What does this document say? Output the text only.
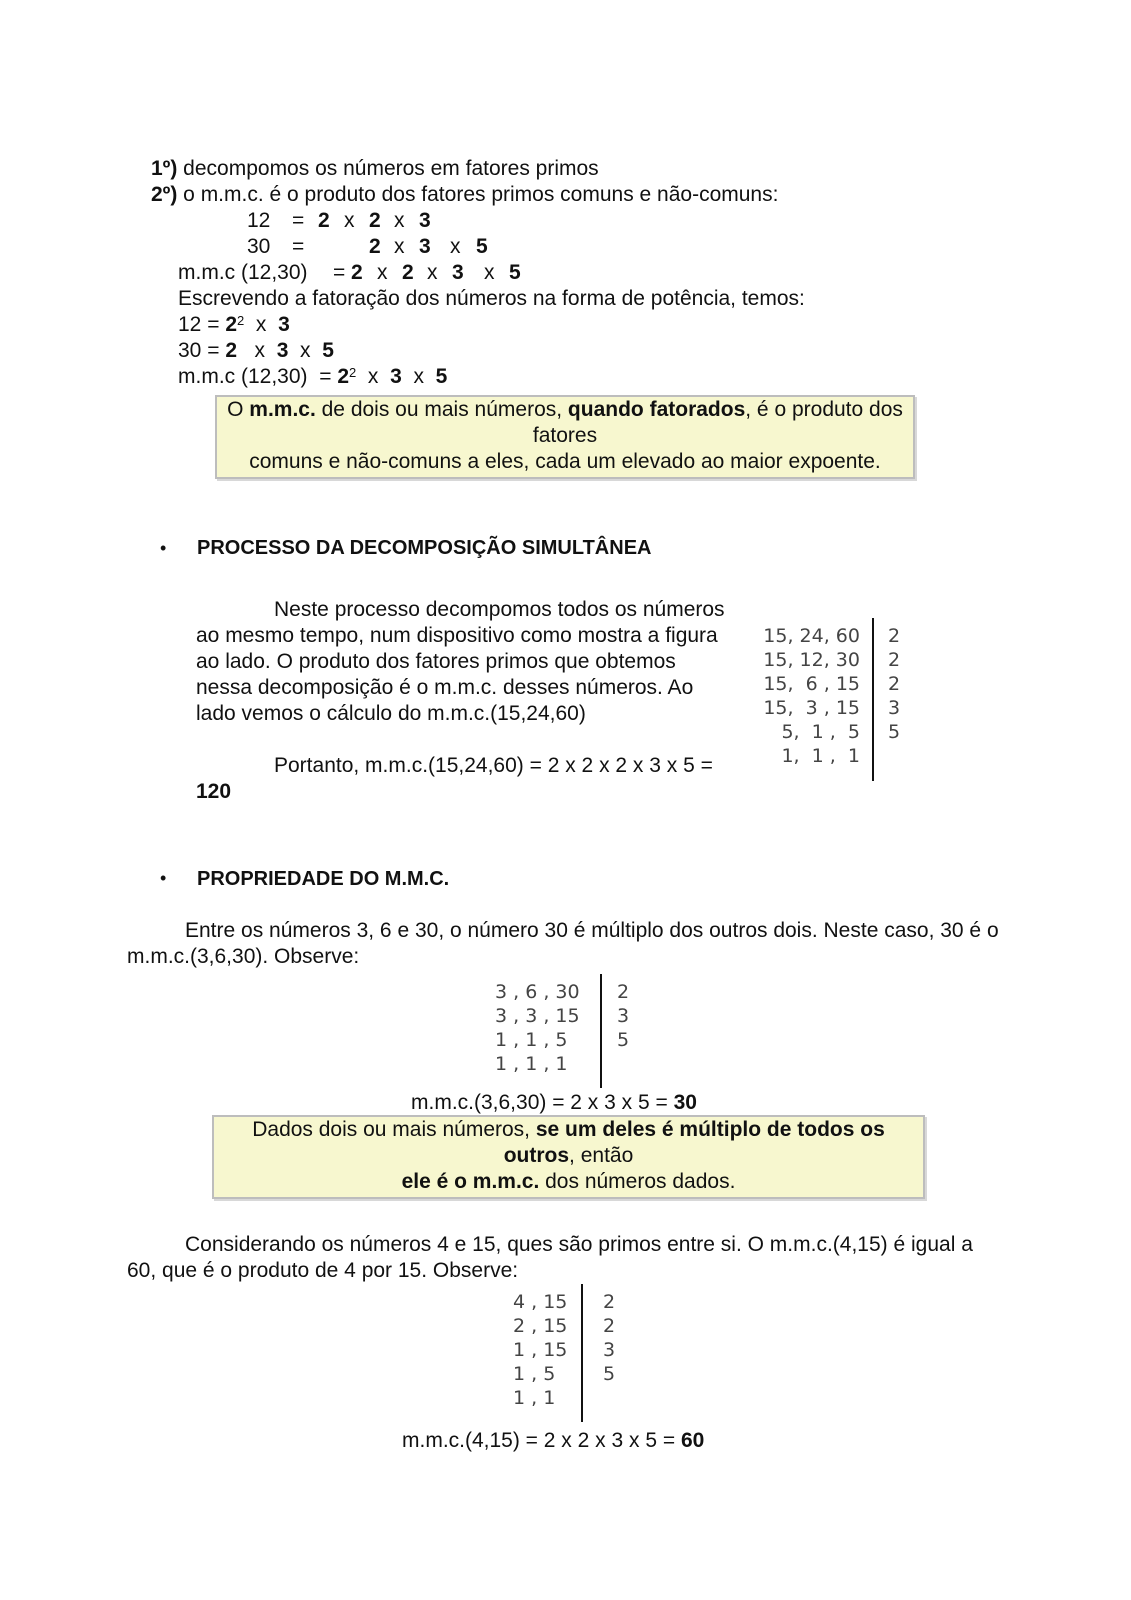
1º) decompomos os números em fatores primos
2º) o m.m.c. é o produto dos fatores primos comuns e não-comuns:
12 = 2 x 2 x 3
30 =	2 x 3 x 5
m.m.c (12,30) = 2 x 2 x 3 x 5
Escrevendo a fatoração dos números na forma de potência, temos:
$12 = 2^2$ x 3
30 = 2 x 3 x 5
m.m.c $(12,30) = 2^2$ x 3 x 5
O m.m.c. de dois ou mais números, quando fatorados, é o produto dos fatores
comuns e não-comuns a eles, cada um elevado ao maior expoente.
• PROCESSO DA DECOMPOSIÇÃO SIMULTÂNEA
Neste processo decompomos todos os números ao mesmo tempo, num dispositivo como mostra a figura ao lado. O produto dos fatores primos que obtemos nessa decomposição é o m.m.c. desses números. Ao lado vemos o cálculo do m.m.c.(15,24,60)
Portanto, m.m.c.(15,24,60) = 2 x 2 x 2 x 3 x 5 = 120
15, 24, 60
15, 12, 30
15,  6 , 15
15,  3 , 15
5,  1 ,  5
1,  1 ,  1
2
2
2
3
5
• PROPRIEDADE DO M.M.C.
Entre os números 3, 6 e 30, o número 30 é múltiplo dos outros dois. Neste caso, 30 é o m.m.c.(3,6,30). Observe:
3 , 6 , 30
3 , 3 , 15
1 , 1 , 5
1 , 1 , 1
2
3
5
m.m.c.(3,6,30) = 2 x 3 x 5 = 30
Dados dois ou mais números, se um deles é múltiplo de todos os outros, então
ele é o m.m.c. dos números dados.
Considerando os números 4 e 15, ques são primos entre si. O m.m.c.(4,15) é igual a 60, que é o produto de 4 por 15. Observe:
4 , 15
2 , 15
1 , 15
1 , 5
1 , 1
2
2
3
5
m.m.c.(4,15) = 2 x 2 x 3 x 5 = 60
